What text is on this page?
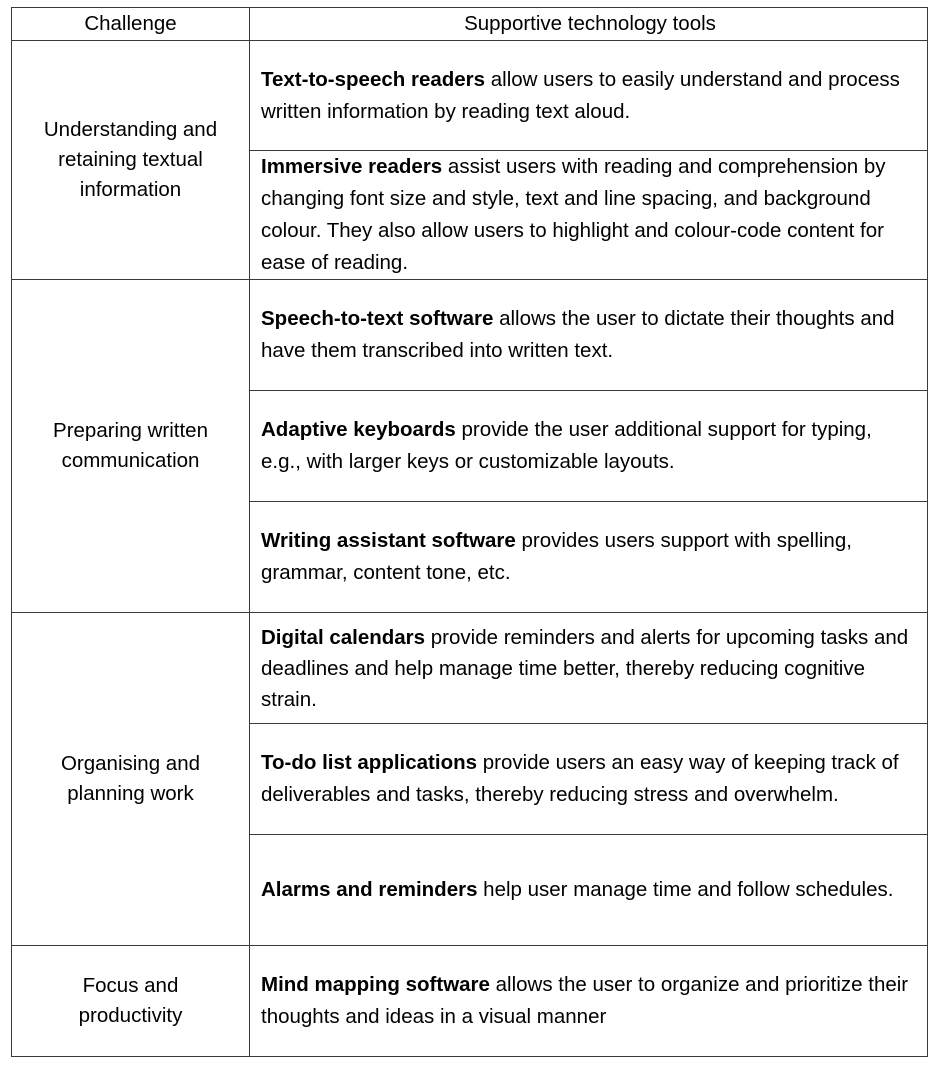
Challenge	Supportive technology tools
Understanding and retaining textual information
Text-to-speech readers allow users to easily understand and process written information by reading text aloud.
Immersive readers assist users with reading and comprehension by changing font size and style, text and line spacing, and background colour. They also allow users to highlight and colour-code content for ease of reading.
Preparing written communication
Speech-to-text software allows the user to dictate their thoughts and have them transcribed into written text.
Adaptive keyboards provide the user additional support for typing, e.g., with larger keys or customizable layouts.
Writing assistant software provides users support with spelling, grammar, content tone, etc.
Organising and planning work
Digital calendars provide reminders and alerts for upcoming tasks and deadlines and help manage time better, thereby reducing cognitive strain.
To-do list applications provide users an easy way of keeping track of deliverables and tasks, thereby reducing stress and overwhelm.
Alarms and reminders help user manage time and follow schedules.
Focus and productivity
Mind mapping software allows the user to organize and prioritize their thoughts and ideas in a visual manner
